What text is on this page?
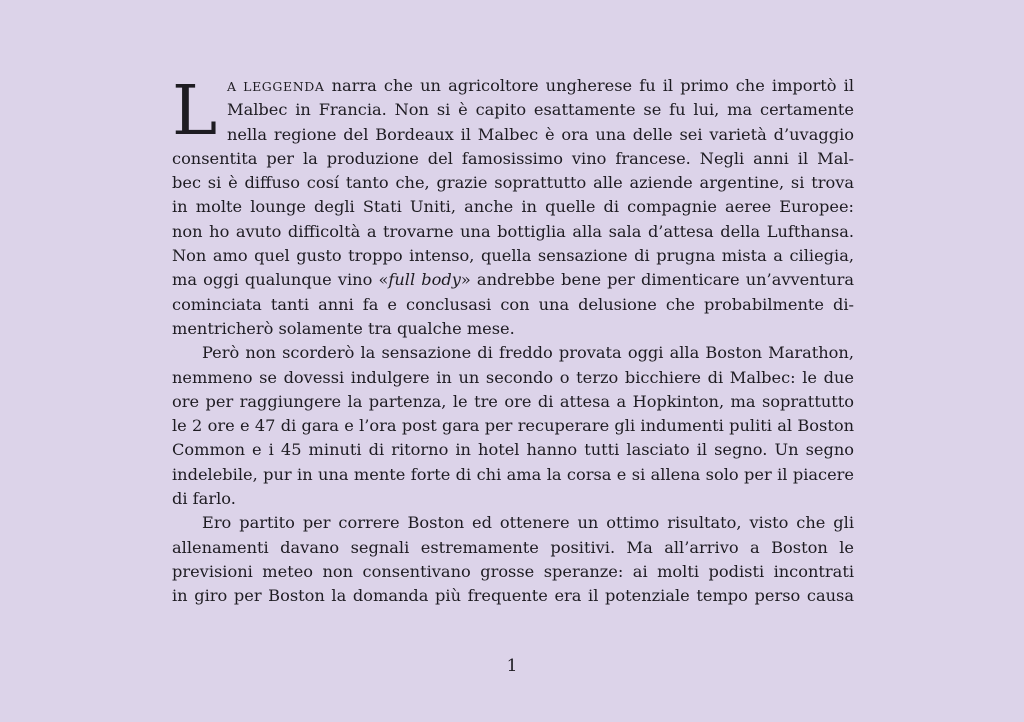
L A LEGGENDA narra che un agricoltore ungherese fu il primo che importò il
Malbec in Francia. Non si è capito esattamente se fu lui, ma certamente
nella regione del Bordeaux il Malbec è ora una delle sei varietà d’uvaggio
consentita per la produzione del famosissimo vino francese. Negli anni il Mal-
bec si è diffuso cosí tanto che, grazie soprattutto alle aziende argentine, si trova
in molte lounge degli Stati Uniti, anche in quelle di compagnie aeree Europee:
non ho avuto difficoltà a trovarne una bottiglia alla sala d’attesa della Lufthansa.
Non amo quel gusto troppo intenso, quella sensazione di prugna mista a ciliegia,
ma oggi qualunque vino «full body» andrebbe bene per dimenticare un’avventura
cominciata tanti anni fa e conclusasi con una delusione che probabilmente di-
mentricherò solamente tra qualche mese.
Però non scorderò la sensazione di freddo provata oggi alla Boston Marathon,
nemmeno se dovessi indulgere in un secondo o terzo bicchiere di Malbec: le due
ore per raggiungere la partenza, le tre ore di attesa a Hopkinton, ma soprattutto
le 2 ore e 47 di gara e l’ora post gara per recuperare gli indumenti puliti al Boston
Common e i 45 minuti di ritorno in hotel hanno tutti lasciato il segno. Un segno
indelebile, pur in una mente forte di chi ama la corsa e si allena solo per il piacere
di farlo.
Ero partito per correre Boston ed ottenere un ottimo risultato, visto che gli
allenamenti davano segnali estremamente positivi. Ma all’arrivo a Boston le
previsioni meteo non consentivano grosse speranze: ai molti podisti incontrati
in giro per Boston la domanda più frequente era il potenziale tempo perso causa
1
